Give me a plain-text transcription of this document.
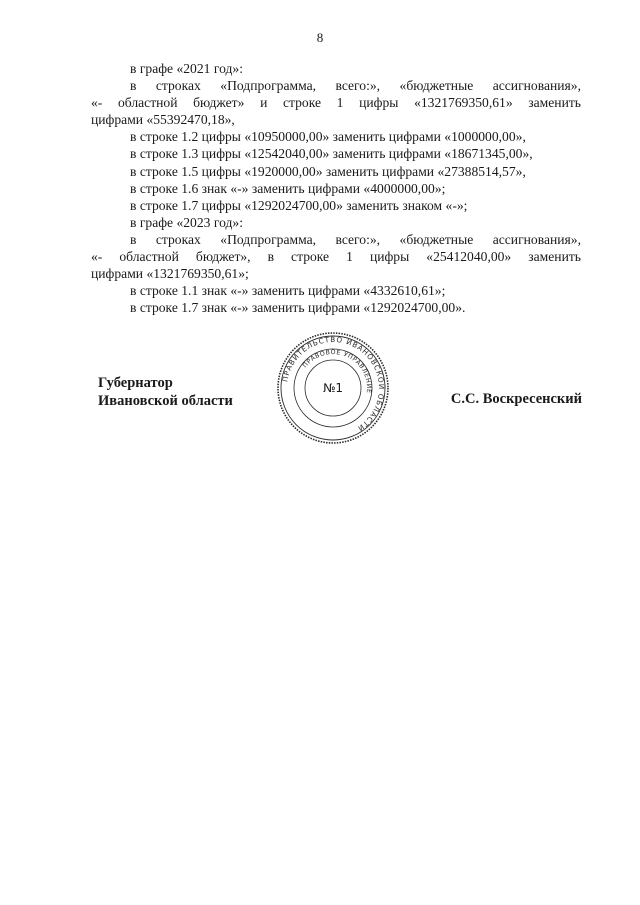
8

в графе «2021 год»:

в строках «Подпрограмма, всего:», «бюджетные ассигнования»,

«- областной бюджет» и строке 1 цифры «1321769350,61» заменить

цифрами «55392470,18»,

в строке 1.2 цифры «10950000,00» заменить цифрами «1000000,00»,

в строке 1.3 цифры «12542040,00» заменить цифрами «18671345,00»,

в строке 1.5 цифры «1920000,00» заменить цифрами «27388514,57»,

в строке 1.6 знак «-» заменить цифрами «4000000,00»;

в строке 1.7 цифры «1292024700,00» заменить знаком «-»;

в графе «2023 год»:

в строках «Подпрограмма, всего:», «бюджетные ассигнования»,

«- областной бюджет», в строке 1 цифры «25412040,00» заменить

цифрами «1321769350,61»;

в строке 1.1 знак «-» заменить цифрами «4332610,61»;

в строке 1.7 знак «-» заменить цифрами «1292024700,00».

ПРАВИТЕЛЬСТВО ИВАНОВСКОЙ ОБЛАСТИ
ПРАВОВОЕ УПРАВЛЕНИЕ
№1
Губернатор
Ивановской области	С.С. Воскресенский
